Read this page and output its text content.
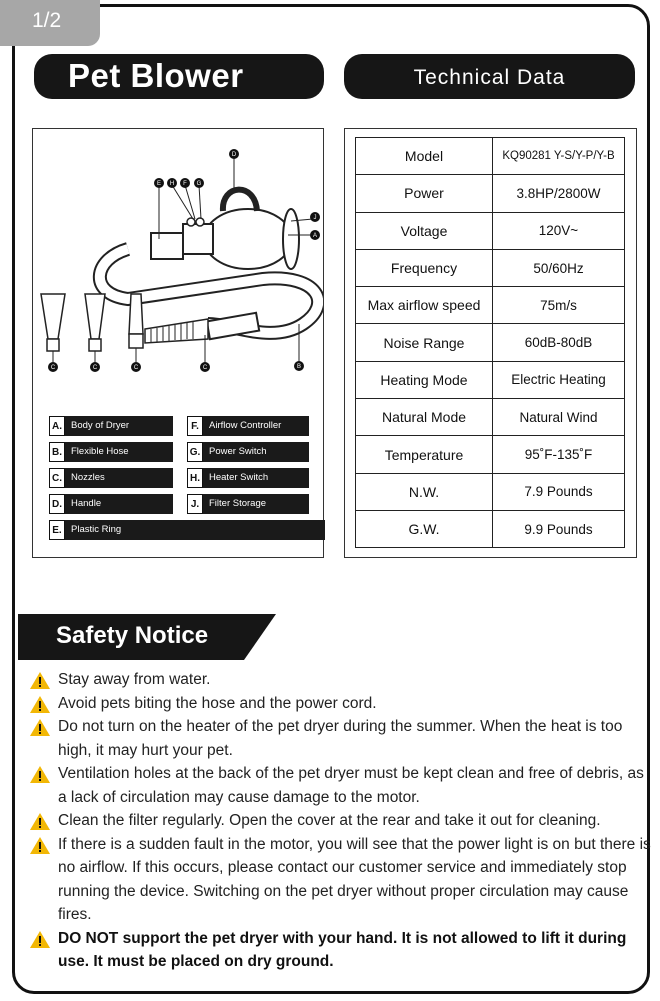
1/2
Pet Blower	Technical Data
D
E H F G
J
A
B
C	C	C	C
A. Body of Dryer
B. Flexible Hose
C. Nozzles
D. Handle
E. Plastic Ring
F.	Airflow Controller
G. Power Switch
H. Heater Switch
J.	Filter Storage
Model	KQ90281 Y-S/Y-P/Y-B
Power	3.8HP/2800W
Voltage	120V~
Frequency	50/60Hz
Max airflow speed	75m/s
Noise Range	60dB-80dB
Heating Mode	Electric Heating
Natural Mode	Natural Wind
Temperature	95˚F-135˚F
N.W.	7.9 Pounds
G.W.	9.9 Pounds
Safety Notice
Stay away from water.
Avoid pets biting the hose and the power cord.
Do not turn on the heater of the pet dryer during the summer. When the heat is too high, it may hurt your pet.
Ventilation holes at the back of the pet dryer must be kept clean and free of debris, as a lack of circulation may cause damage to the motor.
Clean the filter regularly. Open the cover at the rear and take it out for cleaning.
If there is a sudden fault in the motor, you will see that the power light is on but there is no airflow. If this occurs, please contact our customer service and immediately stop running the device. Switching on the pet dryer without proper circulation may cause fires.
DO NOT support the pet dryer with your hand. It is not allowed to lift it during use. It must be placed on dry ground.
